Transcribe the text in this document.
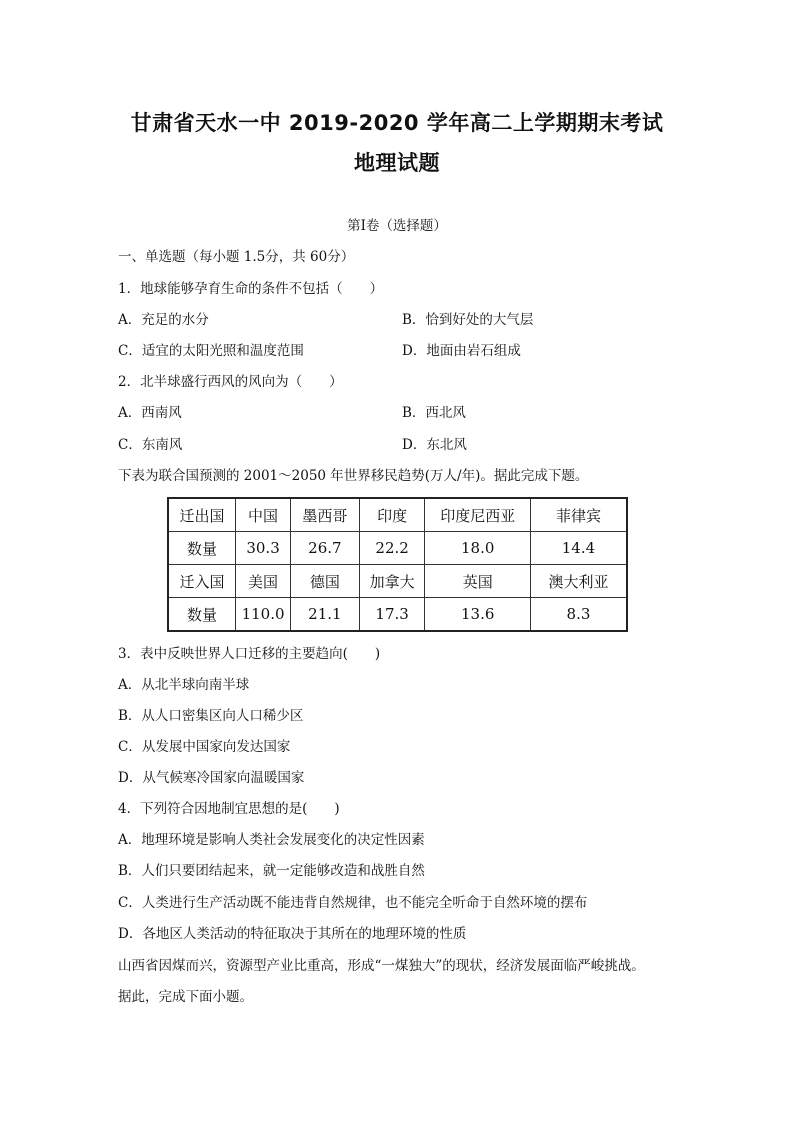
甘肃省天水一中 2019-2020 学年高二上学期期末考试
地理试题
第Ⅰ卷（选择题）
一、单选题（每小题 1.5分，共 60分）
1．地球能够孕育生命的条件不包括（　　）
A．充足的水分	B．恰到好处的大气层
C．适宜的太阳光照和温度范围	D．地面由岩石组成
2．北半球盛行西风的风向为（　　）
A．西南风	B．西北风
C．东南风	D．东北风
下表为联合国预测的 2001～2050 年世界移民趋势(万人/年)。据此完成下题。
迁出国	中国	墨西哥	印度	印度尼西亚	菲律宾
数量	30.3	26.7	22.2	18.0	14.4
迁入国	美国	德国	加拿大	英国	澳大利亚
数量	110.0	21.1	17.3	13.6	8.3
3．表中反映世界人口迁移的主要趋向(　　)
A．从北半球向南半球
B．从人口密集区向人口稀少区
C．从发展中国家向发达国家
D．从气候寒冷国家向温暖国家
4．下列符合因地制宜思想的是(　　)
A．地理环境是影响人类社会发展变化的决定性因素
B．人们只要团结起来，就一定能够改造和战胜自然
C．人类进行生产活动既不能违背自然规律，也不能完全听命于自然环境的摆布
D．各地区人类活动的特征取决于其所在的地理环境的性质
山西省因煤而兴，资源型产业比重高，形成“一煤独大”的现状，经济发展面临严峻挑战。
据此，完成下面小题。
